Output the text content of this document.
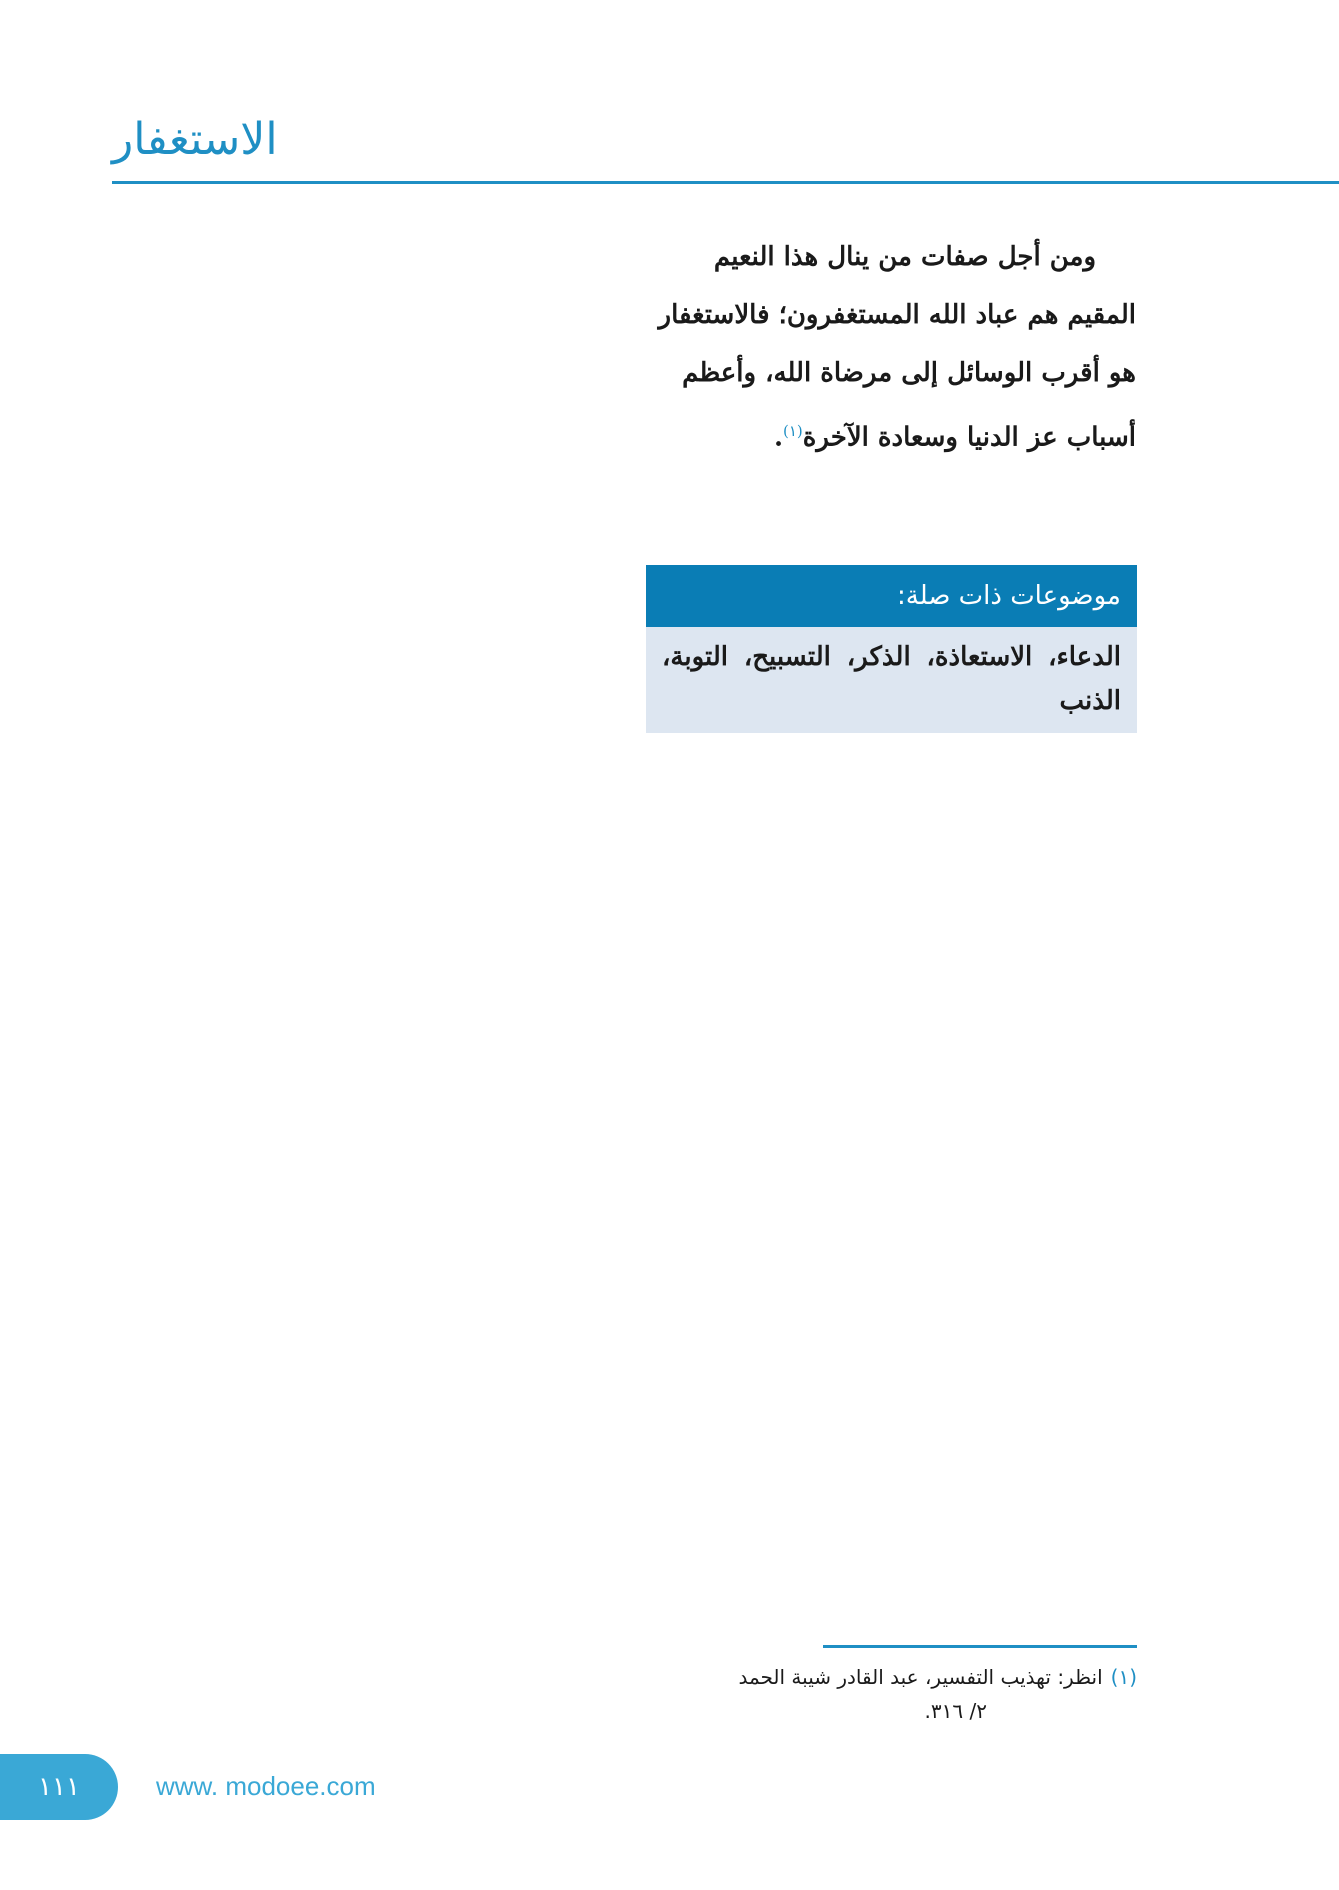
الاستغفار
ومن أجل صفات من ينال هذا النعيم
المقيم هم عباد الله المستغفرون؛ فالاستغفار
هو أقرب الوسائل إلى مرضاة الله، وأعظم
أسباب عز الدنيا وسعادة الآخرة$^{(١)}$.
موضوعات ذات صلة:
الدعاء، الاستعاذة، الذكر، التسبيح، التوبة، الذنب
(١)انظر: تهذيب التفسير، عبد القادر شيبة الحمد
٢/ ٣١٦.
١١١	www. modoee.com
